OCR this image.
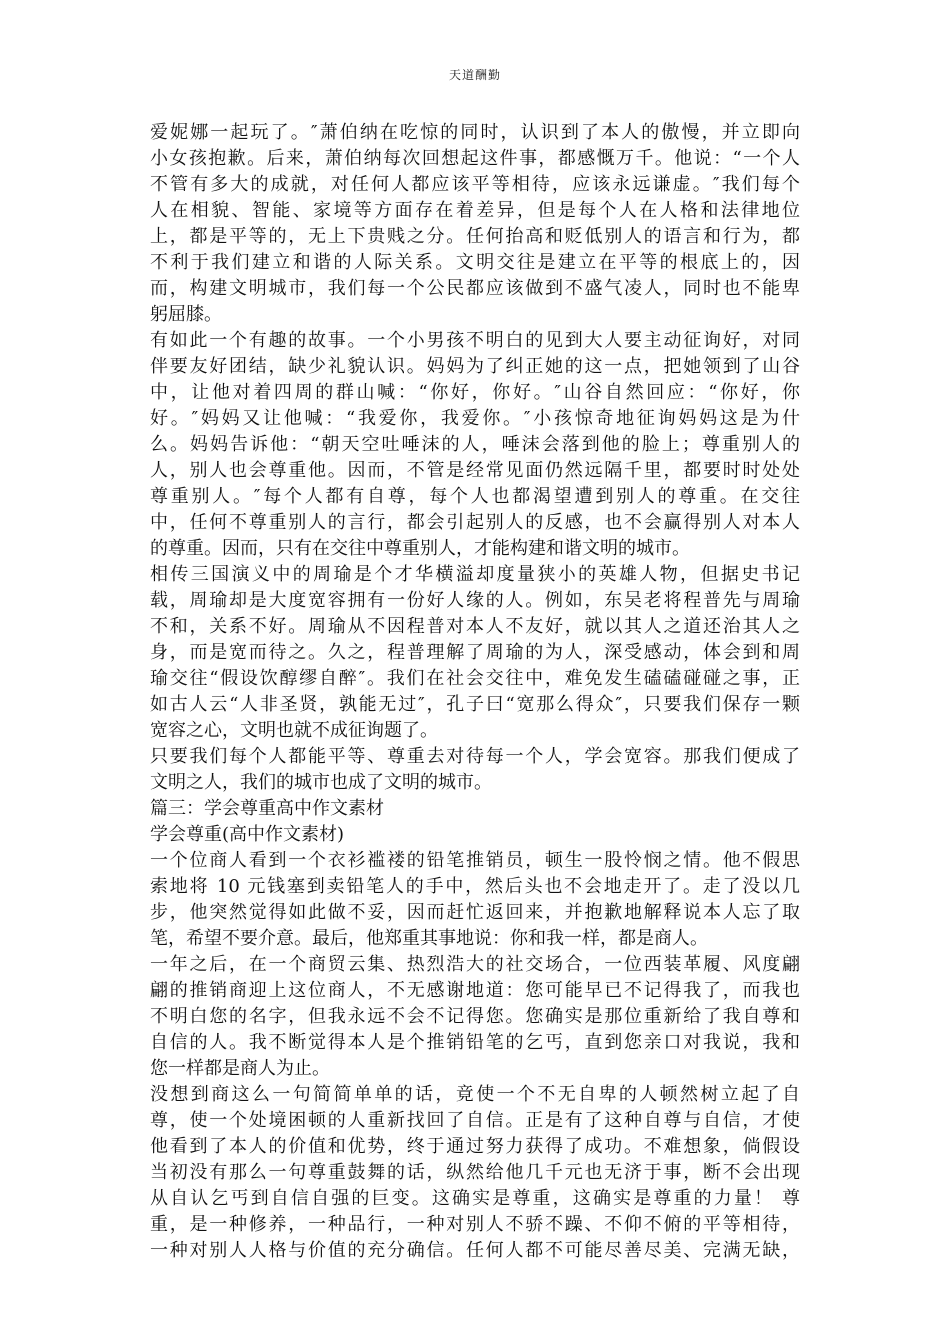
天道酬勤
爱妮娜一起玩了。″萧伯纳在吃惊的同时，认识到了本人的傲慢，并立即向
小女孩抱歉。后来，萧伯纳每次回想起这件事，都感慨万千。他说：“一个人
不管有多大的成就，对任何人都应该平等相待，应该永远谦虚。″我们每个
人在相貌、智能、家境等方面存在着差异，但是每个人在人格和法律地位
上，都是平等的，无上下贵贱之分。任何抬高和贬低别人的语言和行为，都
不利于我们建立和谐的人际关系。文明交往是建立在平等的根底上的，因
而，构建文明城市，我们每一个公民都应该做到不盛气凌人，同时也不能卑
躬屈膝。
有如此一个有趣的故事。一个小男孩不明白的见到大人要主动征询好，对同
伴要友好团结，缺少礼貌认识。妈妈为了纠正她的这一点，把她领到了山谷
中，让他对着四周的群山喊：“你好，你好。″山谷自然回应：“你好，你
好。″妈妈又让他喊：“我爱你，我爱你。″小孩惊奇地征询妈妈这是为什
么。妈妈告诉他：“朝天空吐唾沫的人，唾沫会落到他的脸上；尊重别人的
人，别人也会尊重他。因而，不管是经常见面仍然远隔千里，都要时时处处
尊重别人。″每个人都有自尊，每个人也都渴望遭到别人的尊重。在交往
中，任何不尊重别人的言行，都会引起别人的反感，也不会赢得别人对本人
的尊重。因而，只有在交往中尊重别人，才能构建和谐文明的城市。
相传三国演义中的周瑜是个才华横溢却度量狭小的英雄人物，但据史书记
载，周瑜却是大度宽容拥有一份好人缘的人。例如，东吴老将程普先与周瑜
不和，关系不好。周瑜从不因程普对本人不友好，就以其人之道还治其人之
身，而是宽而待之。久之，程普理解了周瑜的为人，深受感动，体会到和周
瑜交往“假设饮醇缪自醉″。我们在社会交往中，难免发生磕磕碰碰之事，正
如古人云“人非圣贤，孰能无过″，孔子曰“宽那么得众″，只要我们保存一颗
宽容之心，文明也就不成征询题了。
只要我们每个人都能平等、尊重去对待每一个人，学会宽容。那我们便成了
文明之人，我们的城市也成了文明的城市。
篇三：学会尊重高中作文素材
学会尊重(高中作文素材)
一个位商人看到一个衣衫褴褛的铅笔推销员，顿生一股怜悯之情。他不假思
索地将 10 元钱塞到卖铅笔人的手中，然后头也不会地走开了。走了没以几
步，他突然觉得如此做不妥，因而赶忙返回来，并抱歉地解释说本人忘了取
笔，希望不要介意。最后，他郑重其事地说：你和我一样，都是商人。
一年之后，在一个商贸云集、热烈浩大的社交场合，一位西装革履、风度翩
翩的推销商迎上这位商人，不无感谢地道：您可能早已不记得我了，而我也
不明白您的名字，但我永远不会不记得您。您确实是那位重新给了我自尊和
自信的人。我不断觉得本人是个推销铅笔的乞丐，直到您亲口对我说，我和
您一样都是商人为止。
没想到商这么一句简简单单的话，竟使一个不无自卑的人顿然树立起了自
尊，使一个处境困顿的人重新找回了自信。正是有了这种自尊与自信，才使
他看到了本人的价值和优势，终于通过努力获得了成功。不难想象，倘假设
当初没有那么一句尊重鼓舞的话，纵然给他几千元也无济于事，断不会出现
从自认乞丐到自信自强的巨变。这确实是尊重，这确实是尊重的力量！ 尊
重，是一种修养，一种品行，一种对别人不骄不躁、不仰不俯的平等相待，
一种对别人人格与价值的充分确信。任何人都不可能尽善尽美、完满无缺，
